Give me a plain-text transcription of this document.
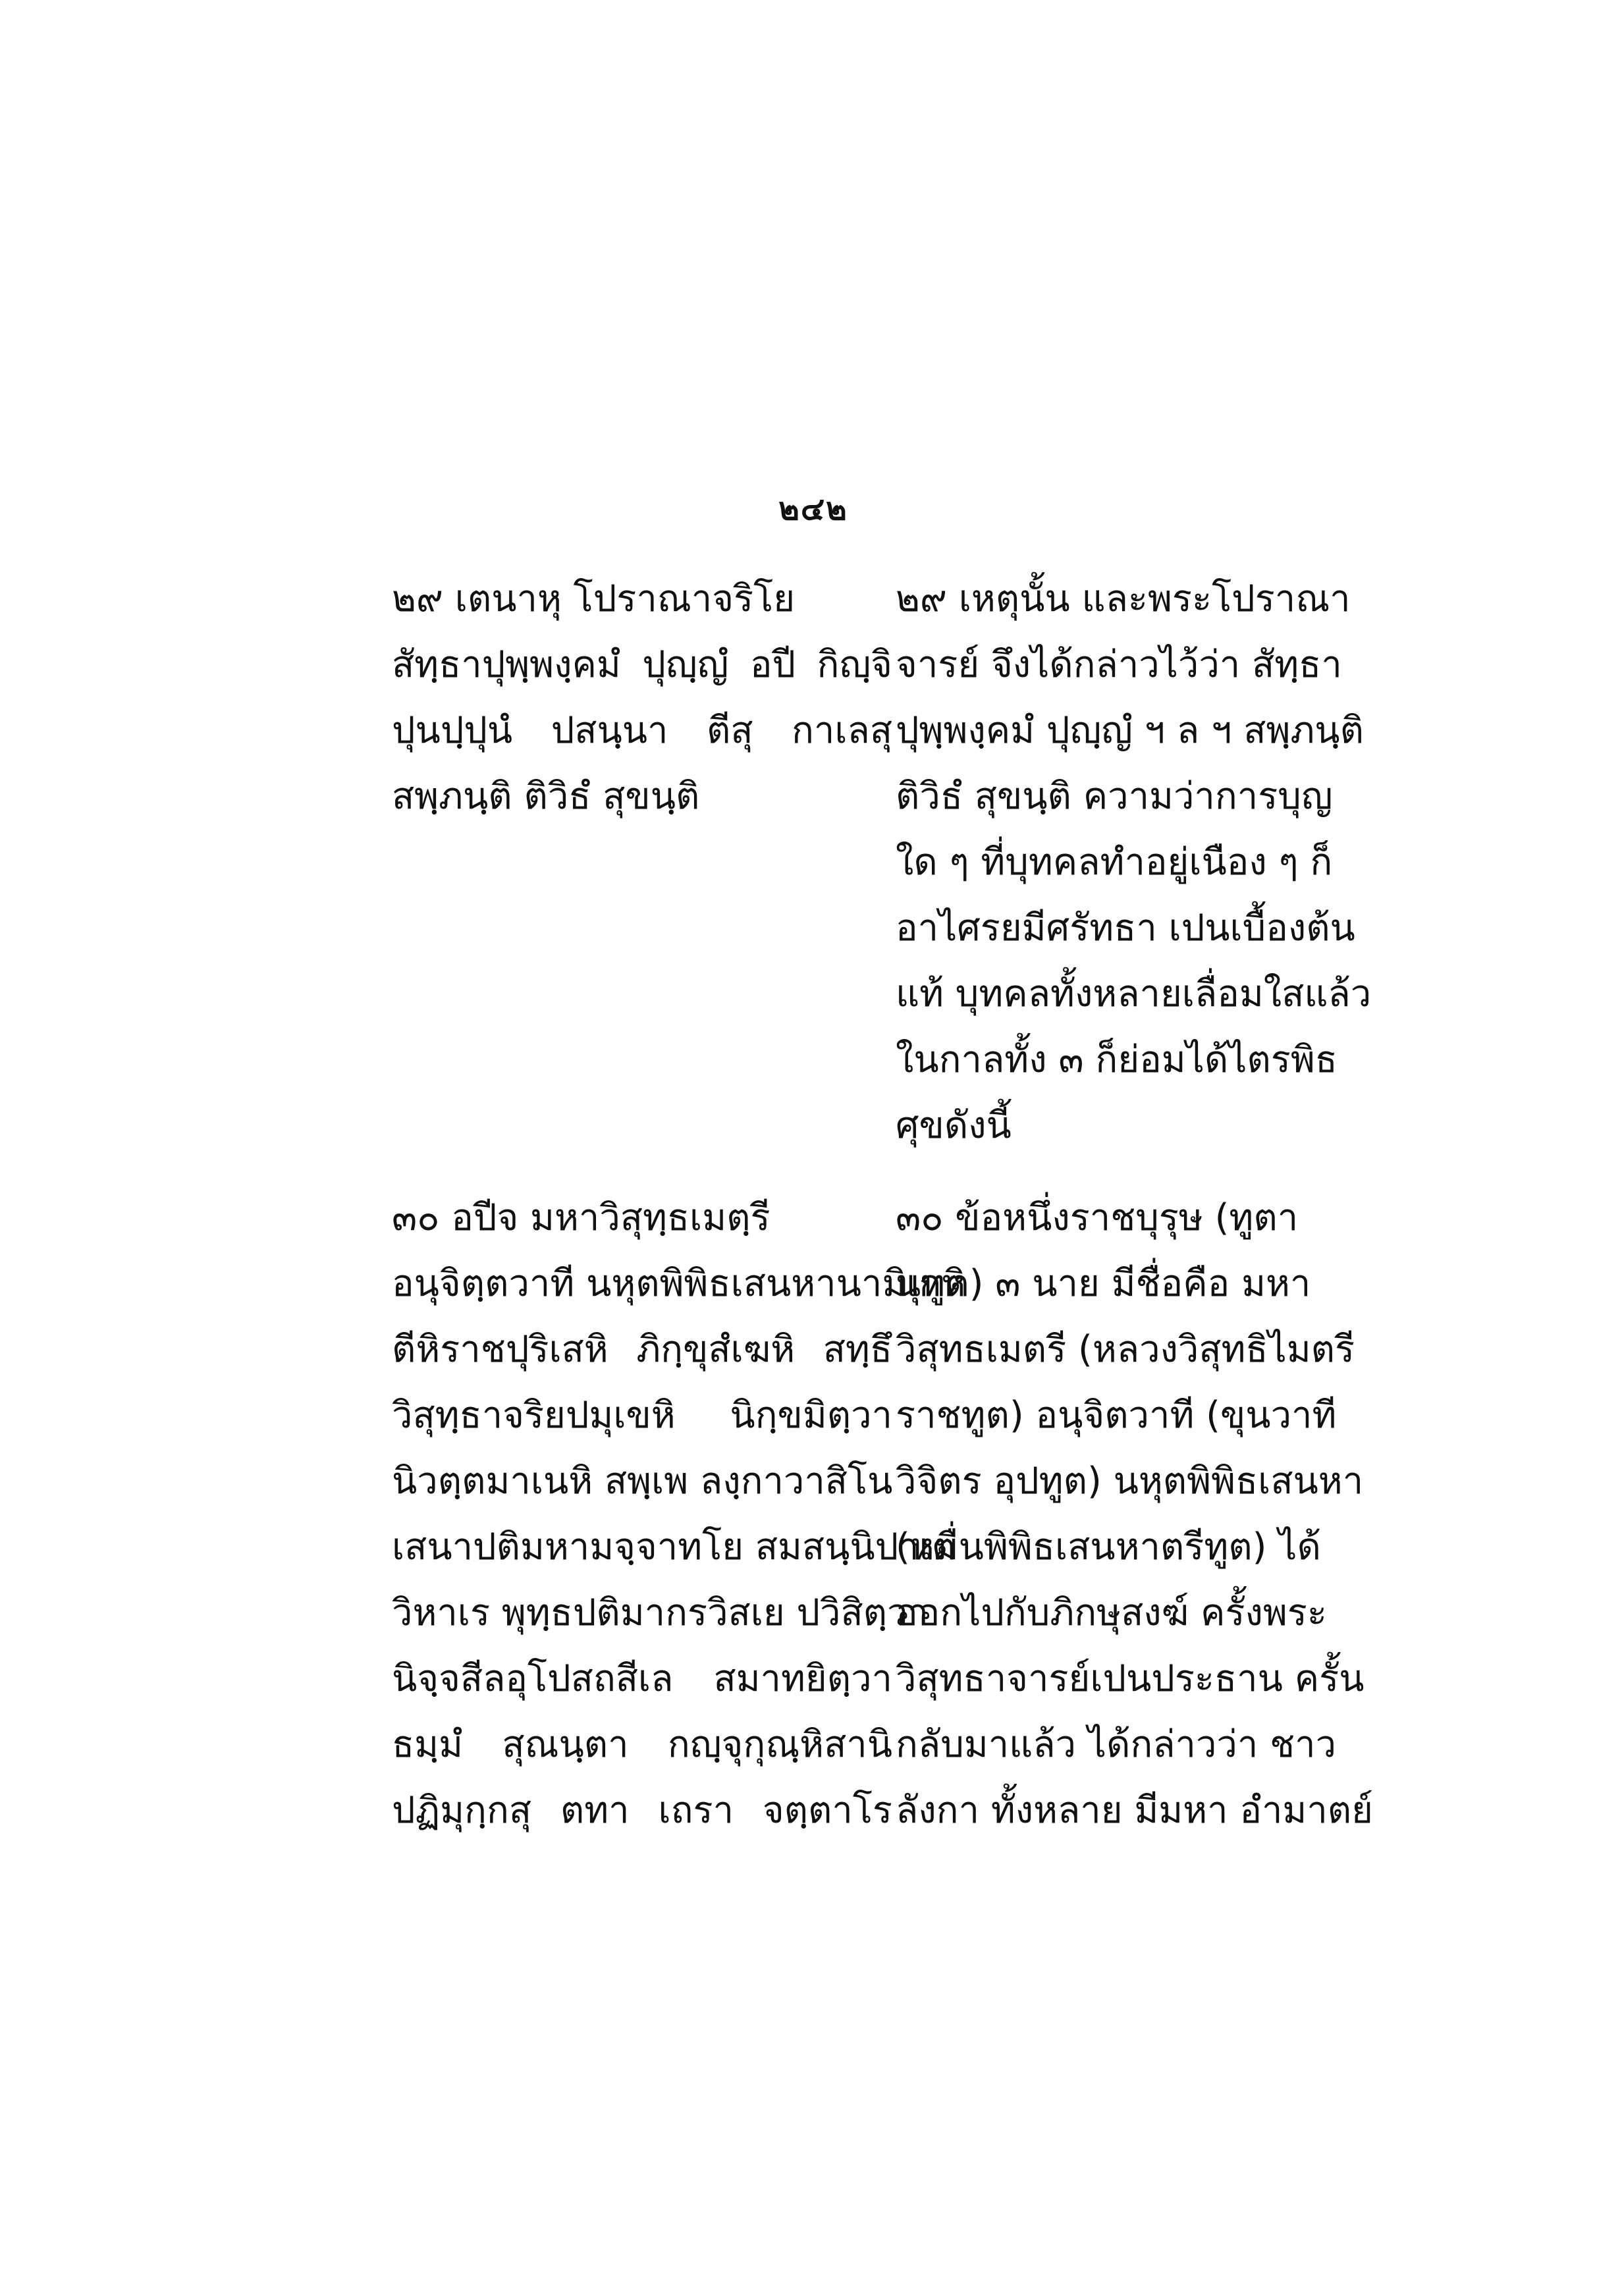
๒๔๒
๒๙ เตนาหุ โปราณาจริโย
สัทฺธาปุพฺพงฺคมํ ปุญฺญํ อปี กิญฺจิ
ปุนปฺปุนํ ปสนฺนา ตีสุ กาเลสุ
สพฺภนฺติ ติวิธํ สุขนฺติ
๒๙ เหตุนั้น และพระโปราณา
จารย์ จึงได้กล่าวไว้ว่า สัทฺธา
ปุพฺพงฺคมํ ปุญฺญํ ฯ ล ฯ สพฺภนฺติ
ติวิธํ สุขนฺติ ความว่าการบุญ
ใด ๆ ที่บุทคลทำอยู่เนือง ๆ ก็
อาไศรยมีศรัทธา เปนเบื้องต้น
แท้ บุทคลทั้งหลายเลื่อมใสแล้ว
ในกาลทั้ง ๓ ก็ย่อมได้ไตรพิธ
ศุขดังนี้
๓๐ อปีจ มหาวิสุทฺธเมตฺรี
อนุจิตฺตวาที นหุตพิพิธเสนหานามิเกหิ
ตีหิราชปุริเสหิ ภิกฺขุสํเฆหิ สทฺธึ
วิสุทฺธาจริยปมุเขหิ นิกฺขมิตฺวา
นิวตฺตมาเนหิ สพฺเพ ลงฺกาวาสิโน
เสนาปติมหามจฺจาทโย สมสนฺนิปาเต
วิหาเร พุทฺธปติมากรวิสเย ปวิสิตฺวา
นิจฺจสีลอุโปสถสีเล สมาทยิตฺวา
ธมฺมํ สุณนฺตา กญฺจุกุณฺหิสานิ
ปฏิมุกฺกสุ ตทา เถรา จตฺตาโร
๓๐ ข้อหนึ่งราชบุรุษ (ทูตา
นุทูต) ๓ นาย มีชื่อคือ มหา
วิสุทธเมตรี (หลวงวิสุทธิไมตรี
ราชทูต) อนุจิตวาที (ขุนวาที
วิจิตร อุปทูต) นหุตพิพิธเสนหา
(หมื่นพิพิธเสนหาตรีทูต) ได้
ออกไปกับภิกษุสงฆ์ ครั้งพระ
วิสุทธาจารย์เปนประธาน ครั้น
กลับมาแล้ว ได้กล่าวว่า ชาว
ลังกา ทั้งหลาย มีมหา อำมาตย์
